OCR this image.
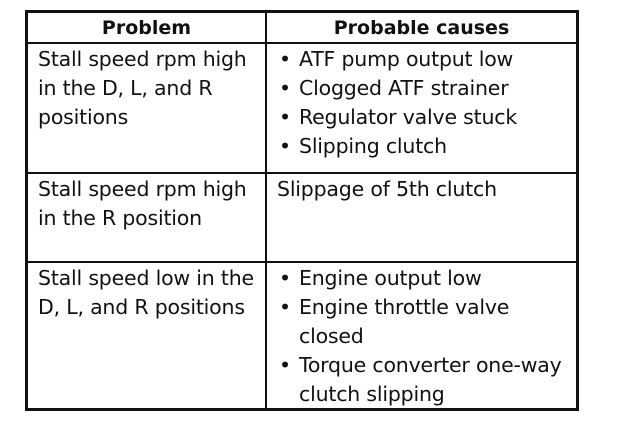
Problem	Probable causes
Stall speed rpm high in the D, L, and R positions
• ATF pump output low
• Clogged ATF strainer
• Regulator valve stuck
• Slipping clutch
Stall speed rpm high in the R position
Slippage of 5th clutch
Stall speed low in the D, L, and R positions
• Engine output low
• Engine throttle valve closed
• Torque converter one-way clutch slipping
